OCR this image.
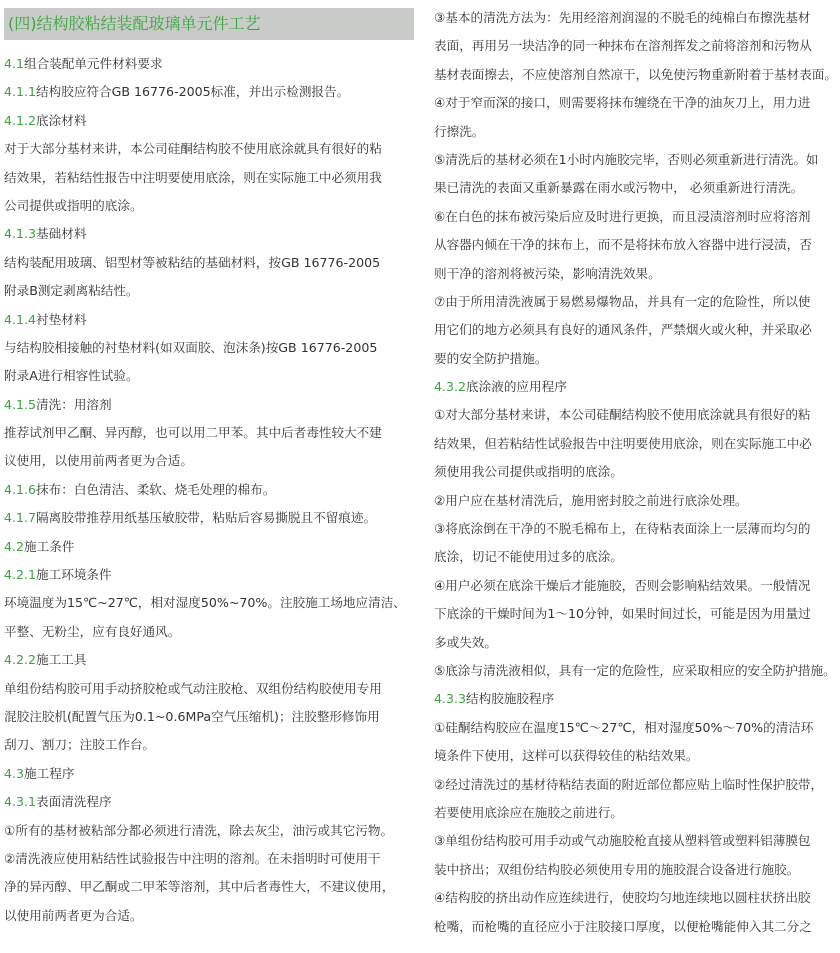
(四)结构胶粘结装配玻璃单元件工艺
4.1组合装配单元件材料要求
4.1.1结构胶应符合GB 16776-2005标准，并出示检测报告。
4.1.2底涂材料
对于大部分基材来讲，本公司硅酮结构胶不使用底涂就具有很好的粘
结效果，若粘结性报告中注明要使用底涂，则在实际施工中必须用我
公司提供或指明的底涂。
4.1.3基础材料
结构装配用玻璃、铝型材等被粘结的基础材料，按GB 16776-2005
附录B测定剥离粘结性。
4.1.4衬垫材料
与结构胶相接触的衬垫材料(如双面胶、泡沫条)按GB 16776-2005
附录A进行相容性试验。
4.1.5清洗：用溶剂
推荐试剂甲乙酮、异丙醇，也可以用二甲苯。其中后者毒性较大不建
议使用，以使用前两者更为合适。
4.1.6抹布：白色清洁、柔软、烧毛处理的棉布。
4.1.7隔离胶带推荐用纸基压敏胶带，粘贴后容易撕脱且不留痕迹。
4.2施工条件
4.2.1施工环境条件
环境温度为15℃~27℃，相对湿度50%~70%。注胶施工场地应清洁、
平整、无粉尘，应有良好通风。
4.2.2施工工具
单组份结构胶可用手动挤胶枪或气动注胶枪、双组份结构胶使用专用
混胶注胶机(配置气压为0.1~0.6MPa空气压缩机)；注胶整形修饰用
刮刀、割刀；注胶工作台。
4.3施工程序
4.3.1表面清洗程序
①所有的基材被粘部分都必须进行清洗，除去灰尘，油污或其它污物。
②清洗液应使用粘结性试验报告中注明的溶剂。在未指明时可使用干
净的异丙醇、甲乙酮或二甲苯等溶剂，其中后者毒性大，不建议使用，
以使用前两者更为合适。
③基本的清洗方法为：先用经溶剂润湿的不脱毛的纯棉白布擦洗基材
表面，再用另一块洁净的同一种抹布在溶剂挥发之前将溶剂和污物从
基材表面擦去，不应使溶剂自然凉干，以免使污物重新附着于基材表面。
④对于窄而深的接口，则需要将抹布缠绕在干净的油灰刀上，用力进
行擦洗。
⑤清洗后的基材必须在1小时内施胶完毕，否则必须重新进行清洗。如
果已清洗的表面又重新暴露在雨水或污物中， 必须重新进行清洗。
⑥在白色的抹布被污染后应及时进行更换，而且浸渍溶剂时应将溶剂
从容器内倾在干净的抹布上，而不是将抹布放入容器中进行浸渍，否
则干净的溶剂将被污染，影响清洗效果。
⑦由于所用清洗液属于易燃易爆物品，并具有一定的危险性，所以使
用它们的地方必须具有良好的通风条件，严禁烟火或火种，并采取必
要的安全防护措施。
4.3.2底涂液的应用程序
①对大部分基材来讲，本公司硅酮结构胶不使用底涂就具有很好的粘
结效果，但若粘结性试验报告中注明要使用底涂，则在实际施工中必
须使用我公司提供或指明的底涂。
②用户应在基材清洗后，施用密封胶之前进行底涂处理。
③将底涂倒在干净的不脱毛棉布上，在待粘表面涂上一层薄而均匀的
底涂，切记不能使用过多的底涂。
④用户必须在底涂干燥后才能施胶，否则会影响粘结效果。一般情况
下底涂的干燥时间为1～10分钟，如果时间过长，可能是因为用量过
多或失效。
⑤底涂与清洗液相似，具有一定的危险性，应采取相应的安全防护措施。
4.3.3结构胶施胶程序
①硅酮结构胶应在温度15℃～27℃，相对湿度50%～70%的清洁环
境条件下使用，这样可以获得较佳的粘结效果。
②经过清洗过的基材待粘结表面的附近部位都应贴上临时性保护胶带，
若要使用底涂应在施胶之前进行。
③单组份结构胶可用手动或气动施胶枪直接从塑料管或塑料铝薄膜包
装中挤出；双组份结构胶必须使用专用的施胶混合设备进行施胶。
④结构胶的挤出动作应连续进行，使胶均匀地连续地以圆柱状挤出胶
枪嘴，而枪嘴的直径应小于注胶接口厚度，以便枪嘴能伸入其二分之
